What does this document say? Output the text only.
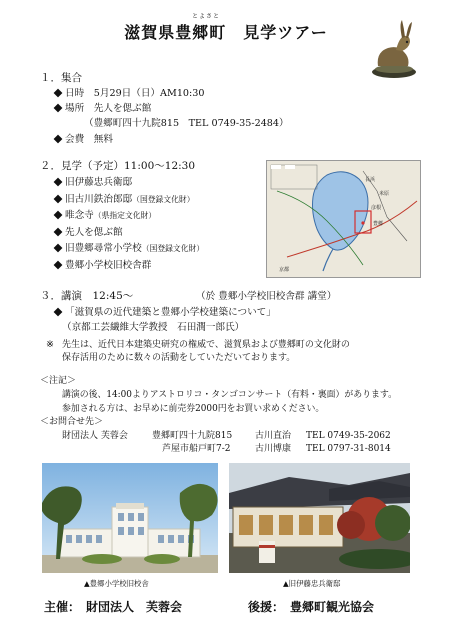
とよさと
滋賀県豊郷町　見学ツアー
１．集合
日時　 5月29日（日）AM10:30
場所　 先人を偲ぶ館
（豊郷町四十九院815　TEL 0749-35-2484）
会費　 無料
２．見学（予定）11:00～12:30
旧伊藤忠兵衛邸
旧古川鉄治郎邸（国登録文化財）
唯念寺（県指定文化財）
先人を偲ぶ館
旧豊郷尋常小学校（国登録文化財）
豊郷小学校旧校舎群	京都
彦根
豊郷
米原
長浜
３．講演　12:45～	（於 豊郷小学校旧校舎群 講堂）
「滋賀県の近代建築と豊郷小学校建築について」
（京都工芸繊維大学教授　石田潤一郎氏）
※ 先生は、近代日本建築史研究の権威で、滋賀県および豊郷町の文化財の
保存活用のために数々の活動をしていただいております。
＜注記＞
講演の後、14:00よりアストロリコ・タンゴコンサート（有料・裏面）があります。
参加される方は、お早めに前売券2000円をお買い求めください。
＜お問合せ先＞
財団法人 芙蓉会	豊郷町四十九院815	古川直治 TEL 0749-35-2062
芦屋市船戸町7-2	古川博康 TEL 0797-31-8014
▲豊郷小学校旧校舎	▲旧伊藤忠兵衛邸
主催：　財団法人　芙蓉会	後援：　豊郷町観光協会
